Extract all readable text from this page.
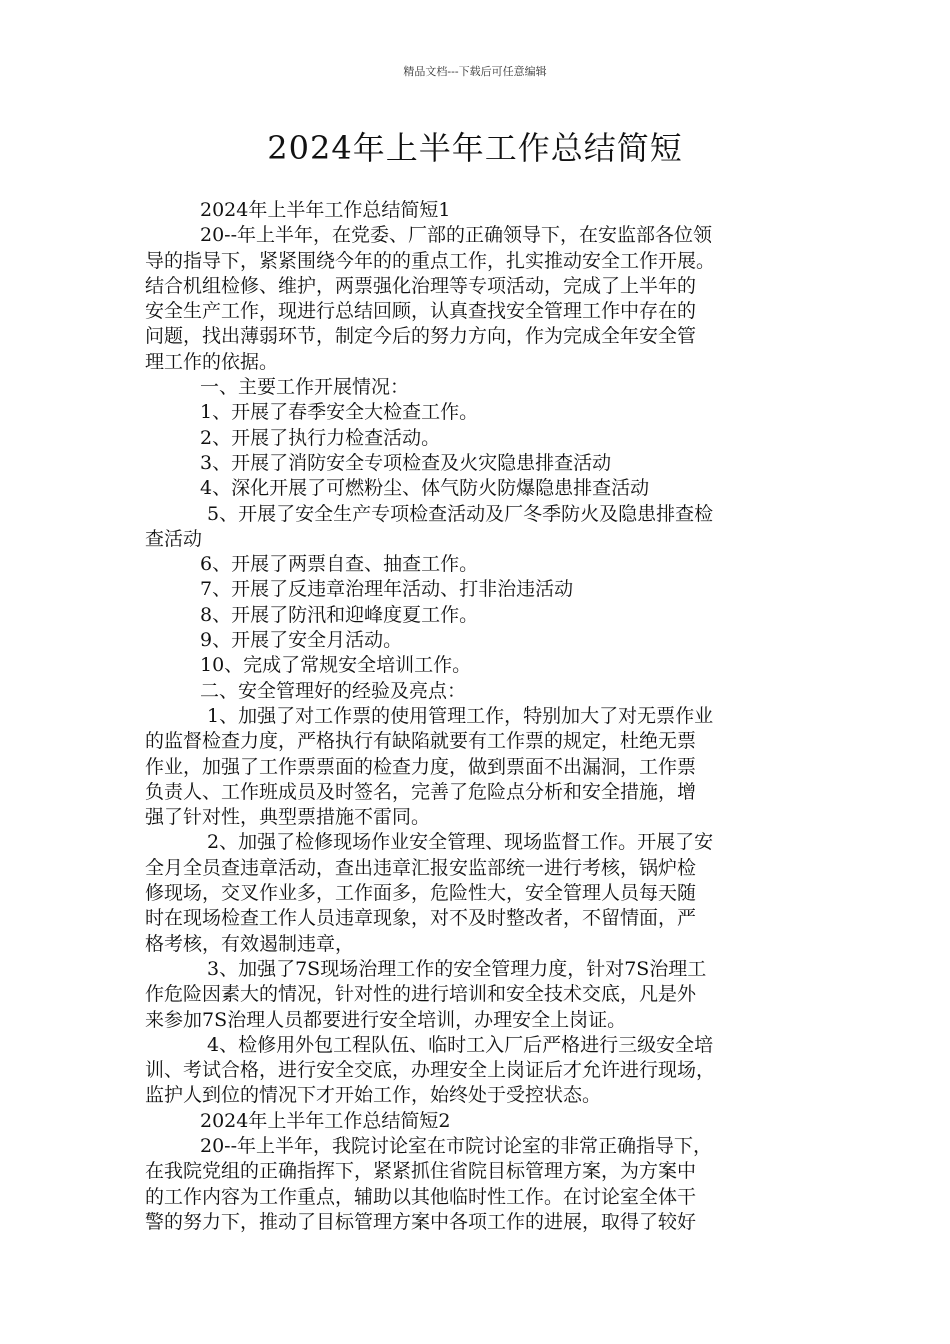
精品文档---下载后可任意编辑
2024年上半年工作总结简短
2024年上半年工作总结简短1
20--年上半年，在党委、厂部的正确领导下，在安监部各位领
导的指导下，紧紧围绕今年的的重点工作，扎实推动安全工作开展。
结合机组检修、维护，两票强化治理等专项活动，完成了上半年的
安全生产工作，现进行总结回顾，认真查找安全管理工作中存在的
问题，找出薄弱环节，制定今后的努力方向，作为完成全年安全管
理工作的依据。
一、主要工作开展情况：
1、开展了春季安全大检查工作。
2、开展了执行力检查活动。
3、开展了消防安全专项检查及火灾隐患排查活动
4、深化开展了可燃粉尘、体气防火防爆隐患排查活动
5、开展了安全生产专项检查活动及厂冬季防火及隐患排查检
查活动
6、开展了两票自查、抽查工作。
7、开展了反违章治理年活动、打非治违活动
8、开展了防汛和迎峰度夏工作。
9、开展了安全月活动。
10、完成了常规安全培训工作。
二、安全管理好的经验及亮点：
1、加强了对工作票的使用管理工作，特别加大了对无票作业
的监督检查力度，严格执行有缺陷就要有工作票的规定，杜绝无票
作业，加强了工作票票面的检查力度，做到票面不出漏洞，工作票
负责人、工作班成员及时签名，完善了危险点分析和安全措施，增
强了针对性，典型票措施不雷同。
2、加强了检修现场作业安全管理、现场监督工作。开展了安
全月全员查违章活动，查出违章汇报安监部统一进行考核，锅炉检
修现场，交叉作业多，工作面多，危险性大，安全管理人员每天随
时在现场检查工作人员违章现象，对不及时整改者，不留情面，严
格考核，有效遏制违章，
3、加强了7S现场治理工作的安全管理力度，针对7S治理工
作危险因素大的情况，针对性的进行培训和安全技术交底，凡是外
来参加7S治理人员都要进行安全培训，办理安全上岗证。
4、检修用外包工程队伍、临时工入厂后严格进行三级安全培
训、考试合格，进行安全交底，办理安全上岗证后才允许进行现场，
监护人到位的情况下才开始工作，始终处于受控状态。
2024年上半年工作总结简短2
20--年上半年，我院讨论室在市院讨论室的非常正确指导下，
在我院党组的正确指挥下，紧紧抓住省院目标管理方案，为方案中
的工作内容为工作重点，辅助以其他临时性工作。在讨论室全体干
警的努力下，推动了目标管理方案中各项工作的进展，取得了较好
